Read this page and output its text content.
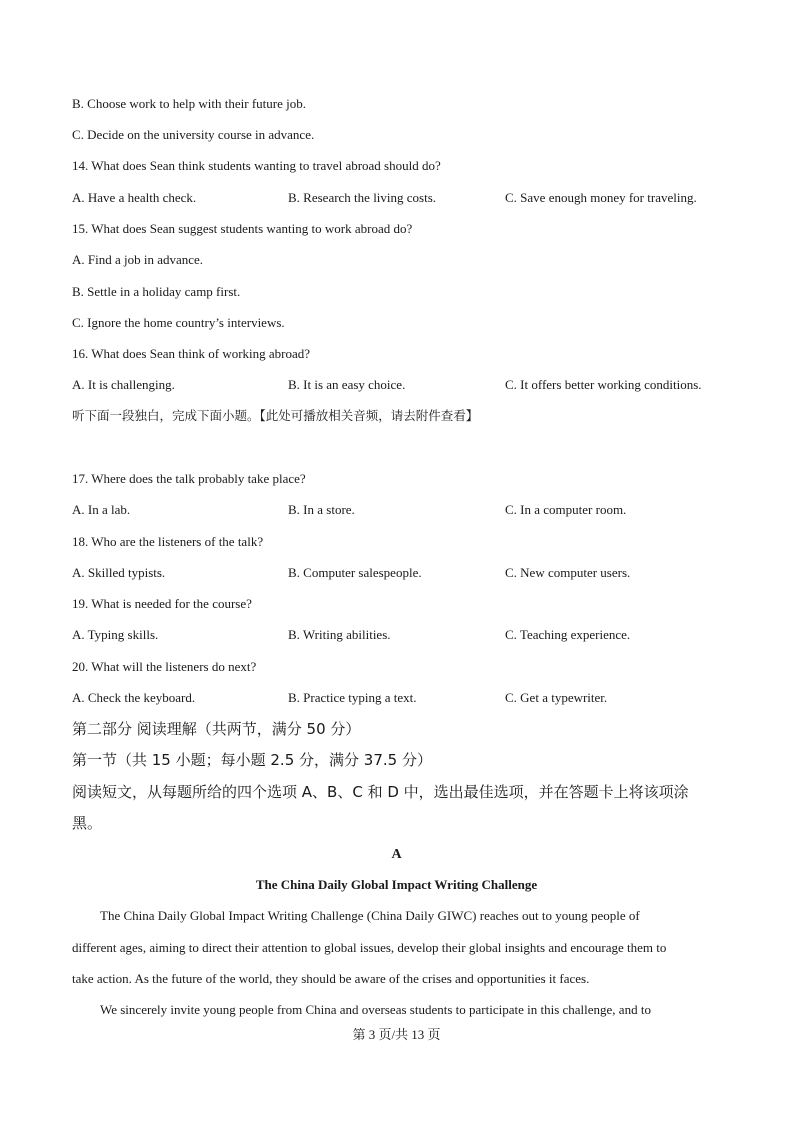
B. Choose work to help with their future job.
C. Decide on the university course in advance.
14. What does Sean think students wanting to travel abroad should do?
A. Have a health check.	B. Research the living costs.	C. Save enough money for traveling.
15. What does Sean suggest students wanting to work abroad do?
A. Find a job in advance.
B. Settle in a holiday camp first.
C. Ignore the home country’s interviews.
16. What does Sean think of working abroad?
A. It is challenging.	B. It is an easy choice.	C. It offers better working conditions.
听下面一段独白，完成下面小题。【此处可播放相关音频，请去附件查看】
17. Where does the talk probably take place?
A. In a lab.	B. In a store.	C. In a computer room.
18. Who are the listeners of the talk?
A. Skilled typists.	B. Computer salespeople.	C. New computer users.
19. What is needed for the course?
A. Typing skills.	B. Writing abilities.	C. Teaching experience.
20. What will the listeners do next?
A. Check the keyboard.	B. Practice typing a text.	C. Get a typewriter.
第二部分 阅读理解（共两节，满分 50 分）
第一节（共 15 小题；每小题 2.5 分，满分 37.5 分）
阅读短文，从每题所给的四个选项 A、B、C 和 D 中，选出最佳选项，并在答题卡上将该项涂
黑。
A
The China Daily Global Impact Writing Challenge
The China Daily Global Impact Writing Challenge (China Daily GIWC) reaches out to young people of
different ages, aiming to direct their attention to global issues, develop their global insights and encourage them to
take action. As the future of the world, they should be aware of the crises and opportunities it faces.
We sincerely invite young people from China and overseas students to participate in this challenge, and to
第 3 页/共 13 页
